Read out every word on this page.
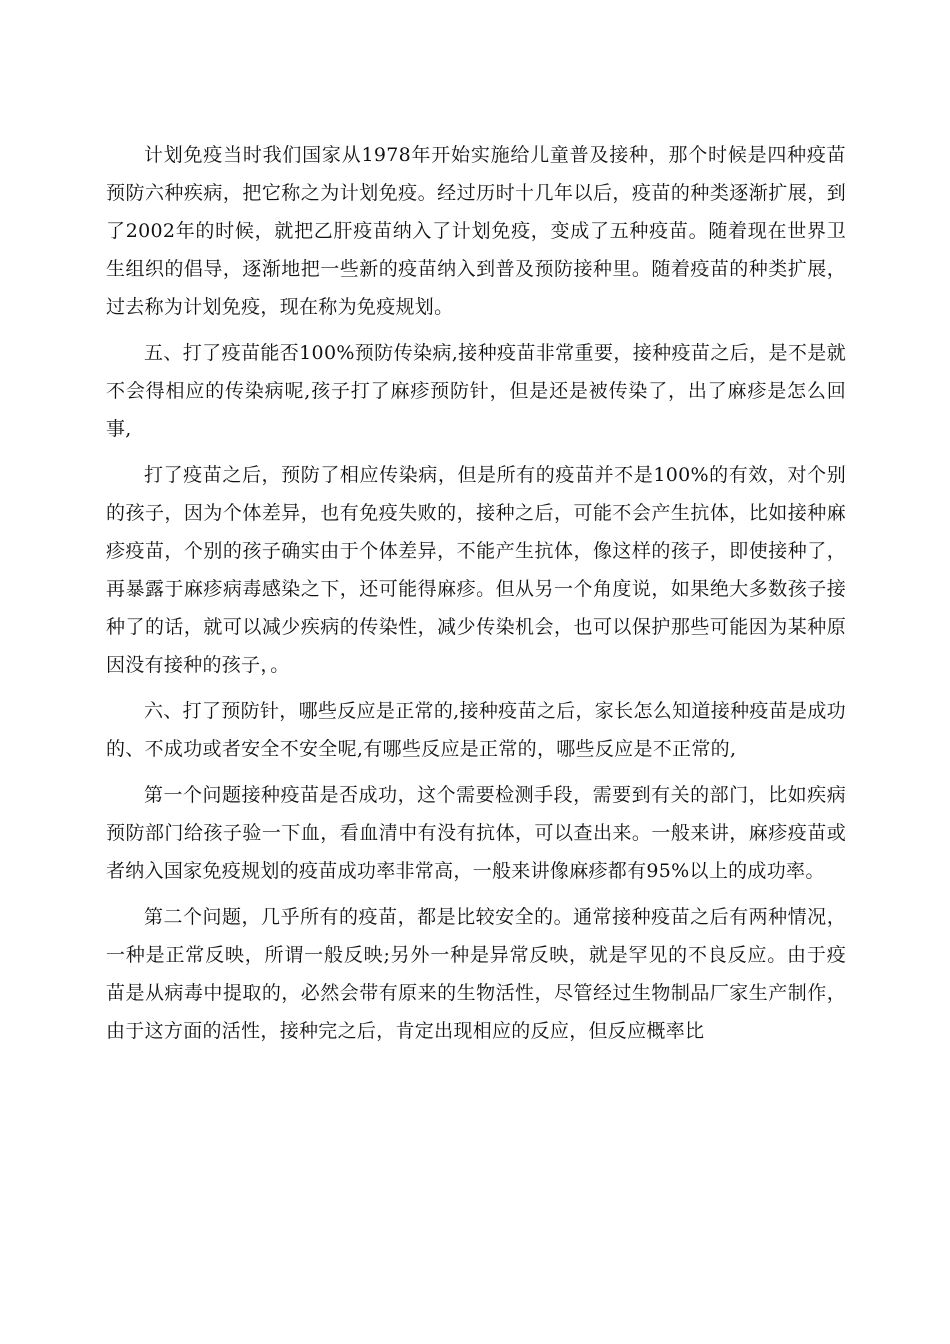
计划免疫当时我们国家从1978年开始实施给儿童普及接种，那个时候是四种疫苗预防六种疾病，把它称之为计划免疫。经过历时十几年以后，疫苗的种类逐渐扩展，到了2002年的时候，就把乙肝疫苗纳入了计划免疫，变成了五种疫苗。随着现在世界卫生组织的倡导，逐渐地把一些新的疫苗纳入到普及预防接种里。随着疫苗的种类扩展，过去称为计划免疫，现在称为免疫规划。

五、打了疫苗能否100%预防传染病,接种疫苗非常重要，接种疫苗之后，是不是就不会得相应的传染病呢,孩子打了麻疹预防针，但是还是被传染了，出了麻疹是怎么回事,

打了疫苗之后，预防了相应传染病，但是所有的疫苗并不是100%的有效，对个别的孩子，因为个体差异，也有免疫失败的，接种之后，可能不会产生抗体，比如接种麻疹疫苗，个别的孩子确实由于个体差异，不能产生抗体，像这样的孩子，即使接种了，再暴露于麻疹病毒感染之下，还可能得麻疹。但从另一个角度说，如果绝大多数孩子接种了的话，就可以减少疾病的传染性，减少传染机会，也可以保护那些可能因为某种原因没有接种的孩子，。

六、打了预防针，哪些反应是正常的,接种疫苗之后，家长怎么知道接种疫苗是成功的、不成功或者安全不安全呢,有哪些反应是正常的，哪些反应是不正常的,

第一个问题接种疫苗是否成功，这个需要检测手段，需要到有关的部门，比如疾病预防部门给孩子验一下血，看血清中有没有抗体，可以查出来。一般来讲，麻疹疫苗或者纳入国家免疫规划的疫苗成功率非常高，一般来讲像麻疹都有95%以上的成功率。

第二个问题，几乎所有的疫苗，都是比较安全的。通常接种疫苗之后有两种情况，一种是正常反映，所谓一般反映;另外一种是异常反映，就是罕见的不良反应。由于疫苗是从病毒中提取的，必然会带有原来的生物活性，尽管经过生物制品厂家生产制作，由于这方面的活性，接种完之后，肯定出现相应的反应，但反应概率比
